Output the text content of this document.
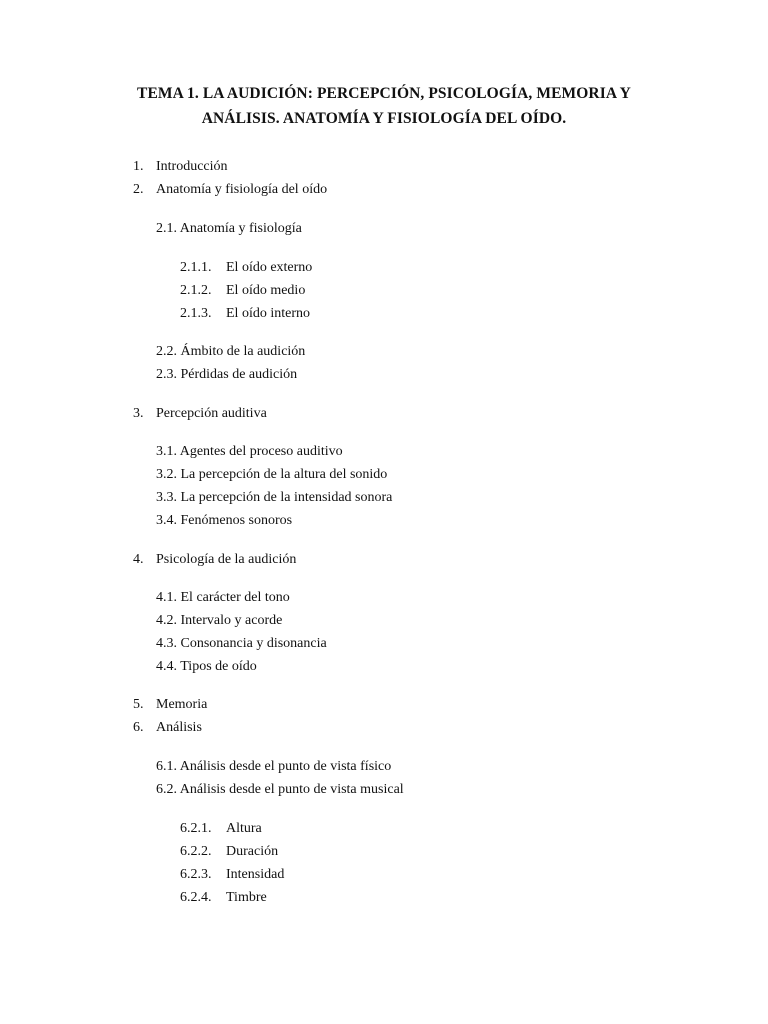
TEMA 1. LA AUDICIÓN: PERCEPCIÓN, PSICOLOGÍA, MEMORIA Y
ANÁLISIS. ANATOMÍA Y FISIOLOGÍA DEL OÍDO.
1. Introducción
2. Anatomía y fisiología del oído
2.1. Anatomía y fisiología
2.1.1. El oído externo
2.1.2. El oído medio
2.1.3. El oído interno
2.2. Ámbito de la audición
2.3. Pérdidas de audición
3. Percepción auditiva
3.1. Agentes del proceso auditivo
3.2. La percepción de la altura del sonido
3.3. La percepción de la intensidad sonora
3.4. Fenómenos sonoros
4. Psicología de la audición
4.1. El carácter del tono
4.2. Intervalo y acorde
4.3. Consonancia y disonancia
4.4. Tipos de oído
5. Memoria
6. Análisis
6.1. Análisis desde el punto de vista físico
6.2. Análisis desde el punto de vista musical
6.2.1. Altura
6.2.2. Duración
6.2.3. Intensidad
6.2.4. Timbre
